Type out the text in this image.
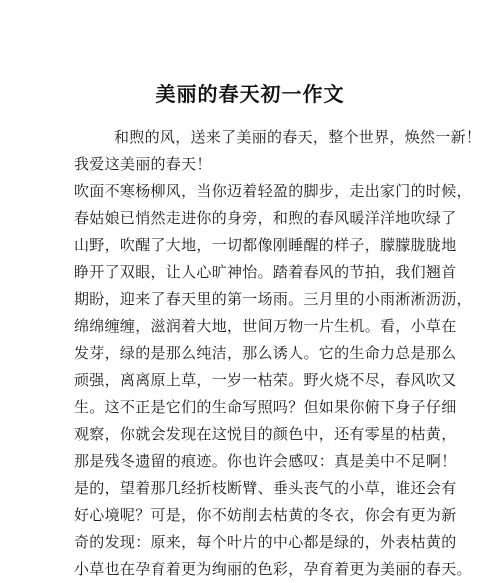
美丽的春天初一作文
和煦的风，送来了美丽的春天，整个世界，焕然一新！
我爱这美丽的春天！
吹面不寒杨柳风，当你迈着轻盈的脚步，走出家门的时候，
春姑娘已悄然走进你的身旁，和煦的春风暖洋洋地吹绿了
山野，吹醒了大地，一切都像刚睡醒的样子，朦朦胧胧地
睁开了双眼，让人心旷神怡。踏着春风的节拍，我们翘首
期盼，迎来了春天里的第一场雨。三月里的小雨淅淅沥沥，
绵绵缠缠，滋润着大地，世间万物一片生机。看，小草在
发芽，绿的是那么纯洁，那么诱人。它的生命力总是那么
顽强，离离原上草，一岁一枯荣。野火烧不尽，春风吹又
生。这不正是它们的生命写照吗？但如果你俯下身子仔细
观察，你就会发现在这悦目的颜色中，还有零星的枯黄，
那是残冬遗留的痕迹。你也许会感叹：真是美中不足啊！
是的，望着那几经折枝断臂、垂头丧气的小草，谁还会有
好心境呢？可是，你不妨削去枯黄的冬衣，你会有更为新
奇的发现：原来，每个叶片的中心都是绿的，外表枯黄的
小草也在孕育着更为绚丽的色彩，孕育着更为美丽的春天。
